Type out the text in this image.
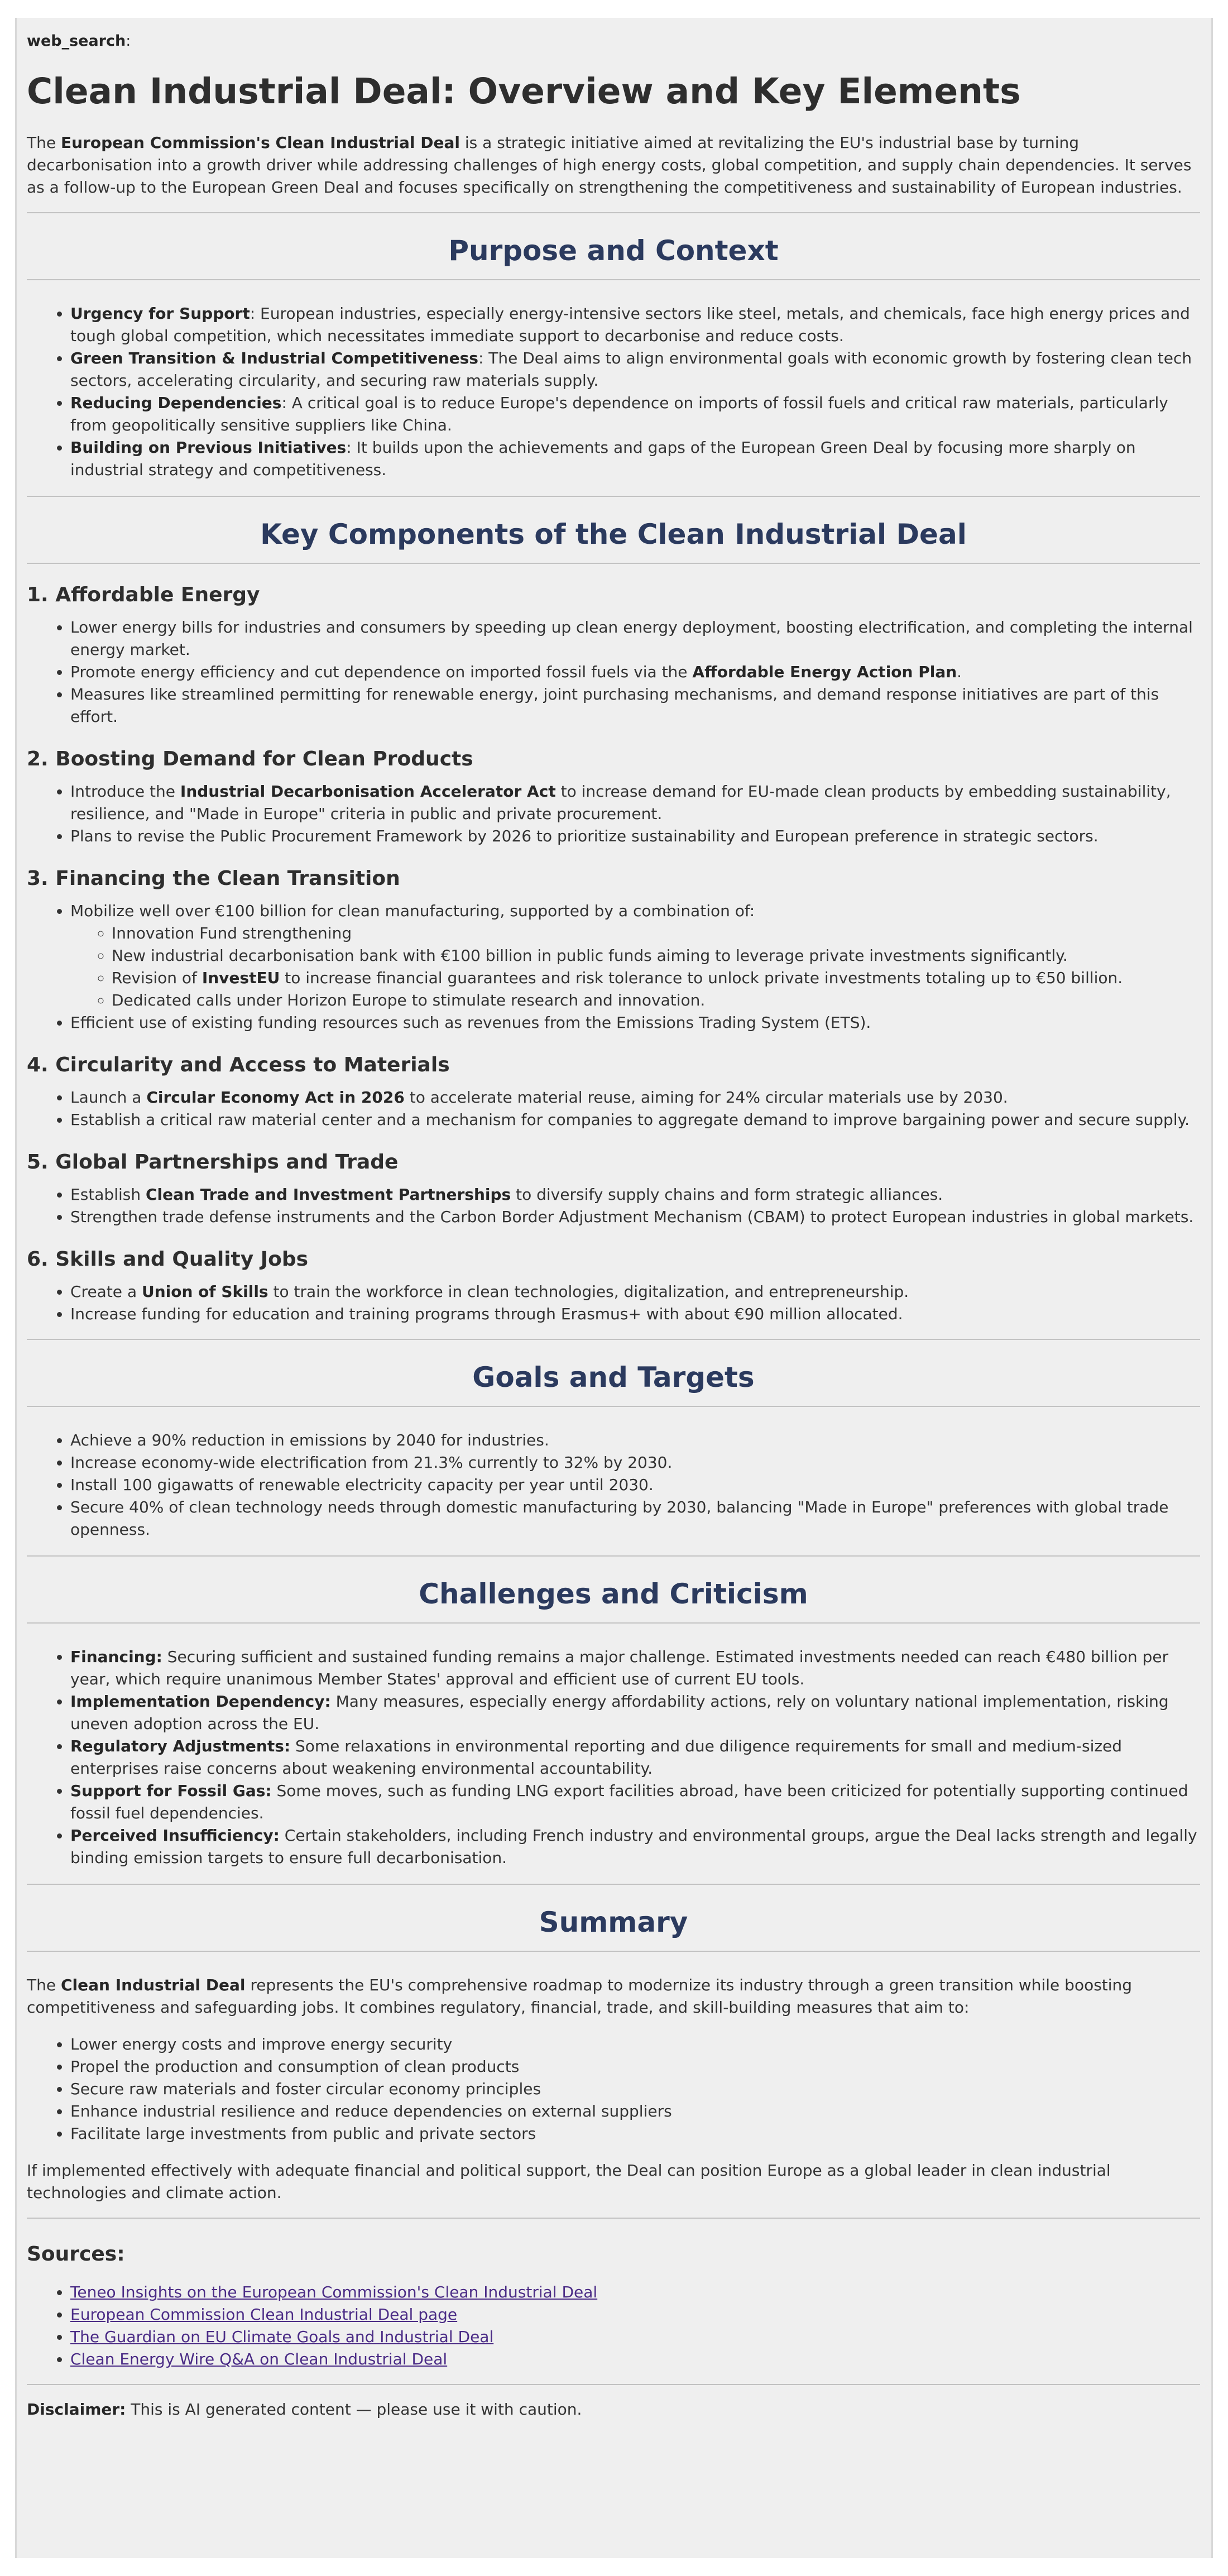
web_search:

Clean Industrial Deal: Overview and Key Elements

The European Commission's Clean Industrial Deal is a strategic initiative aimed at revitalizing the EU's industrial base by turning decarbonisation into a growth driver while addressing challenges of high energy costs, global competition, and supply chain dependencies. It serves as a follow-up to the European Green Deal and focuses specifically on strengthening the competitiveness and sustainability of European industries.

Purpose and Context
• Urgency for Support: European industries, especially energy-intensive sectors like steel, metals, and chemicals, face high energy prices and tough global competition, which necessitates immediate support to decarbonise and reduce costs.
• Green Transition & Industrial Competitiveness: The Deal aims to align environmental goals with economic growth by fostering clean tech sectors, accelerating circularity, and securing raw materials supply.
• Reducing Dependencies: A critical goal is to reduce Europe's dependence on imports of fossil fuels and critical raw materials, particularly from geopolitically sensitive suppliers like China.
• Building on Previous Initiatives: It builds upon the achievements and gaps of the European Green Deal by focusing more sharply on industrial strategy and competitiveness.
Key Components of the Clean Industrial Deal
1. Affordable Energy
• Lower energy bills for industries and consumers by speeding up clean energy deployment, boosting electrification, and completing the internal energy market.
• Promote energy efficiency and cut dependence on imported fossil fuels via the Affordable Energy Action Plan.
• Measures like streamlined permitting for renewable energy, joint purchasing mechanisms, and demand response initiatives are part of this effort.
2. Boosting Demand for Clean Products
• Introduce the Industrial Decarbonisation Accelerator Act to increase demand for EU-made clean products by embedding sustainability, resilience, and "Made in Europe" criteria in public and private procurement.
• Plans to revise the Public Procurement Framework by 2026 to prioritize sustainability and European preference in strategic sectors.
3. Financing the Clean Transition
• Mobilize well over €100 billion for clean manufacturing, supported by a combination of:
◦ Innovation Fund strengthening
◦ New industrial decarbonisation bank with €100 billion in public funds aiming to leverage private investments significantly.
◦ Revision of InvestEU to increase financial guarantees and risk tolerance to unlock private investments totaling up to €50 billion.
◦ Dedicated calls under Horizon Europe to stimulate research and innovation.
• Efficient use of existing funding resources such as revenues from the Emissions Trading System (ETS).
4. Circularity and Access to Materials
• Launch a Circular Economy Act in 2026 to accelerate material reuse, aiming for 24% circular materials use by 2030.
• Establish a critical raw material center and a mechanism for companies to aggregate demand to improve bargaining power and secure supply.
5. Global Partnerships and Trade
• Establish Clean Trade and Investment Partnerships to diversify supply chains and form strategic alliances.
• Strengthen trade defense instruments and the Carbon Border Adjustment Mechanism (CBAM) to protect European industries in global markets.
6. Skills and Quality Jobs
• Create a Union of Skills to train the workforce in clean technologies, digitalization, and entrepreneurship.
• Increase funding for education and training programs through Erasmus+ with about €90 million allocated.
Goals and Targets
• Achieve a 90% reduction in emissions by 2040 for industries.
• Increase economy-wide electrification from 21.3% currently to 32% by 2030.
• Install 100 gigawatts of renewable electricity capacity per year until 2030.
• Secure 40% of clean technology needs through domestic manufacturing by 2030, balancing "Made in Europe" preferences with global trade openness.
Challenges and Criticism
• Financing: Securing sufficient and sustained funding remains a major challenge. Estimated investments needed can reach €480 billion per year, which require unanimous Member States' approval and efficient use of current EU tools.
• Implementation Dependency: Many measures, especially energy affordability actions, rely on voluntary national implementation, risking uneven adoption across the EU.
• Regulatory Adjustments: Some relaxations in environmental reporting and due diligence requirements for small and medium-sized enterprises raise concerns about weakening environmental accountability.
• Support for Fossil Gas: Some moves, such as funding LNG export facilities abroad, have been criticized for potentially supporting continued fossil fuel dependencies.
• Perceived Insufficiency: Certain stakeholders, including French industry and environmental groups, argue the Deal lacks strength and legally binding emission targets to ensure full decarbonisation.
Summary

The Clean Industrial Deal represents the EU's comprehensive roadmap to modernize its industry through a green transition while boosting competitiveness and safeguarding jobs. It combines regulatory, financial, trade, and skill-building measures that aim to:

• Lower energy costs and improve energy security
• Propel the production and consumption of clean products
• Secure raw materials and foster circular economy principles
• Enhance industrial resilience and reduce dependencies on external suppliers
• Facilitate large investments from public and private sectors

If implemented effectively with adequate financial and political support, the Deal can position Europe as a global leader in clean industrial technologies and climate action.

Sources:
• Teneo Insights on the European Commission's Clean Industrial Deal
• European Commission Clean Industrial Deal page
• The Guardian on EU Climate Goals and Industrial Deal
• Clean Energy Wire Q&A on Clean Industrial Deal

Disclaimer: This is AI generated content — please use it with caution.
